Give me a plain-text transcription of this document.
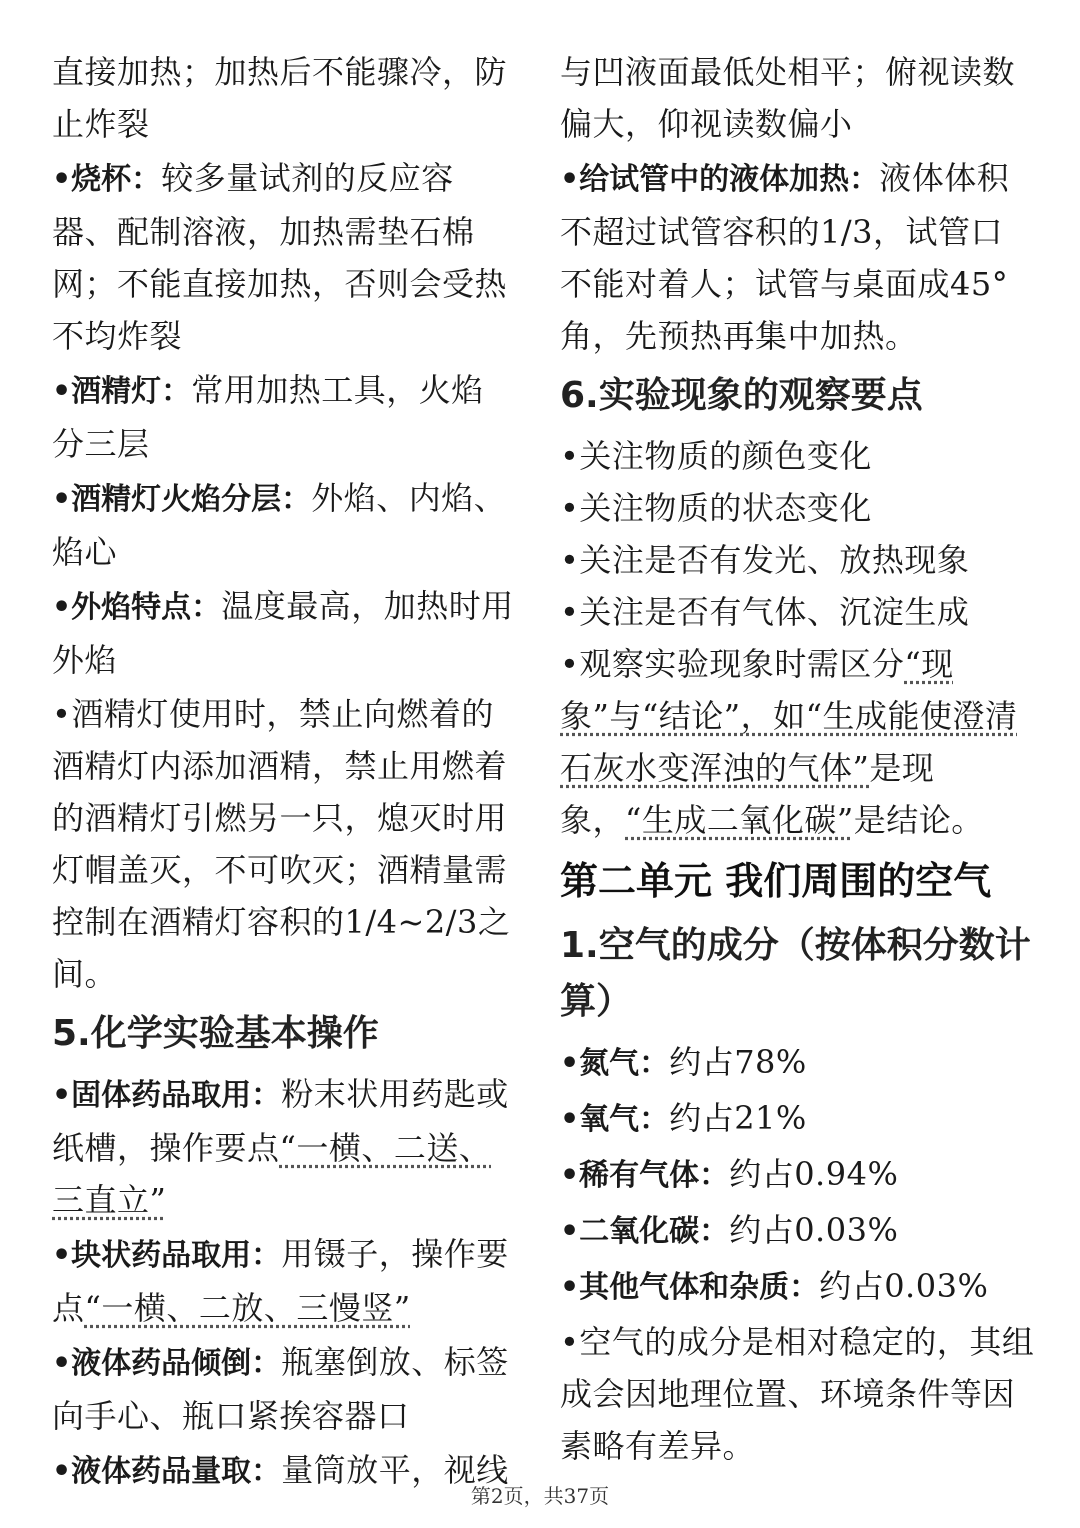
直接加热；加热后不能骤冷，防止炸裂

•烧杯：较多量试剂的反应容器、配制溶液，加热需垫石棉网；不能直接加热，否则会受热不均炸裂

•酒精灯：常用加热工具，火焰分三层

•酒精灯火焰分层：外焰、内焰、焰心

•外焰特点：温度最高，加热时用外焰

•酒精灯使用时，禁止向燃着的酒精灯内添加酒精，禁止用燃着的酒精灯引燃另一只，熄灭时用灯帽盖灭，不可吹灭；酒精量需控制在酒精灯容积的1/4~2/3之间。

5.化学实验基本操作

•固体药品取用：粉末状用药匙或纸槽，操作要点“一横、二送、三直立”

•块状药品取用：用镊子，操作要点“一横、二放、三慢竖”

•液体药品倾倒：瓶塞倒放、标签向手心、瓶口紧挨容器口

•液体药品量取：量筒放平，视线

与凹液面最低处相平；俯视读数偏大，仰视读数偏小

•给试管中的液体加热：液体体积不超过试管容积的1/3，试管口不能对着人；试管与桌面成45°角，先预热再集中加热。

6.实验现象的观察要点

•关注物质的颜色变化

•关注物质的状态变化

•关注是否有发光、放热现象

•关注是否有气体、沉淀生成

•观察实验现象时需区分“现象”与“结论”，如“生成能使澄清石灰水变浑浊的气体”是现象，“生成二氧化碳”是结论。

第二单元 我们周围的空气
1.空气的成分（按体积分数计算）

•氮气：约占78%

•氧气：约占21%

•稀有气体：约占0.94%

•二氧化碳：约占0.03%

•其他气体和杂质：约占0.03%

•空气的成分是相对稳定的，其组成会因地理位置、环境条件等因素略有差异。

第2页，共37页
